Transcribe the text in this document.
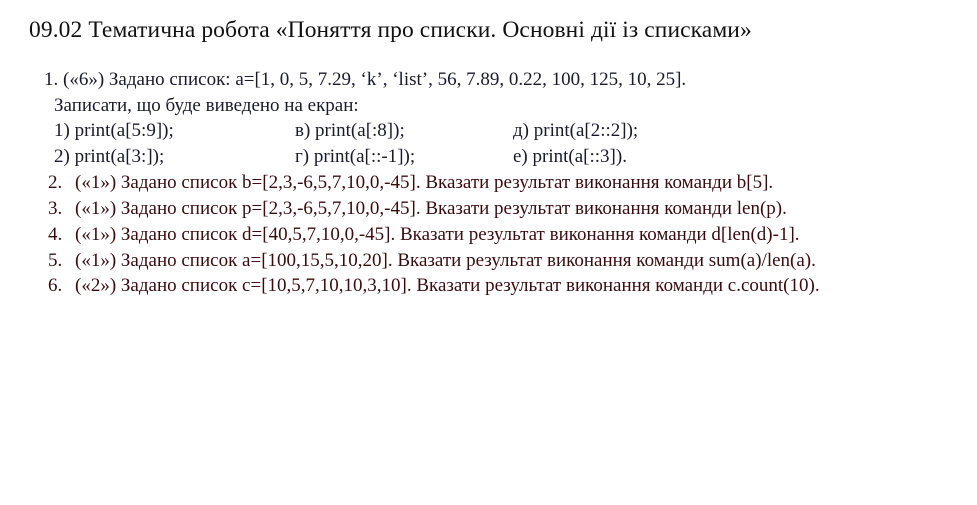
09.02 Тематична робота «Поняття про списки. Основні дії із списками»
1. («6») Задано список: a=[1, 0, 5, 7.29, ‘k’, ‘list’, 56, 7.89, 0.22, 100, 125, 10, 25].
Записати, що буде виведено на екран:
1) print(a[5:9]);	в) print(a[:8]);	д) print(a[2::2]);
2) print(a[3:]);	г) print(a[::-1]);	е) print(a[::3]).
2. («1») Задано список b=[2,3,-6,5,7,10,0,-45]. Вказати результат виконання команди b[5].
3. («1») Задано список p=[2,3,-6,5,7,10,0,-45]. Вказати результат виконання команди len(p).
4. («1») Задано список d=[40,5,7,10,0,-45]. Вказати результат виконання команди d[len(d)-1].
5. («1») Задано список a=[100,15,5,10,20]. Вказати результат виконання команди sum(a)/len(a).
6. («2») Задано список c=[10,5,7,10,10,3,10]. Вказати результат виконання команди c.count(10).
